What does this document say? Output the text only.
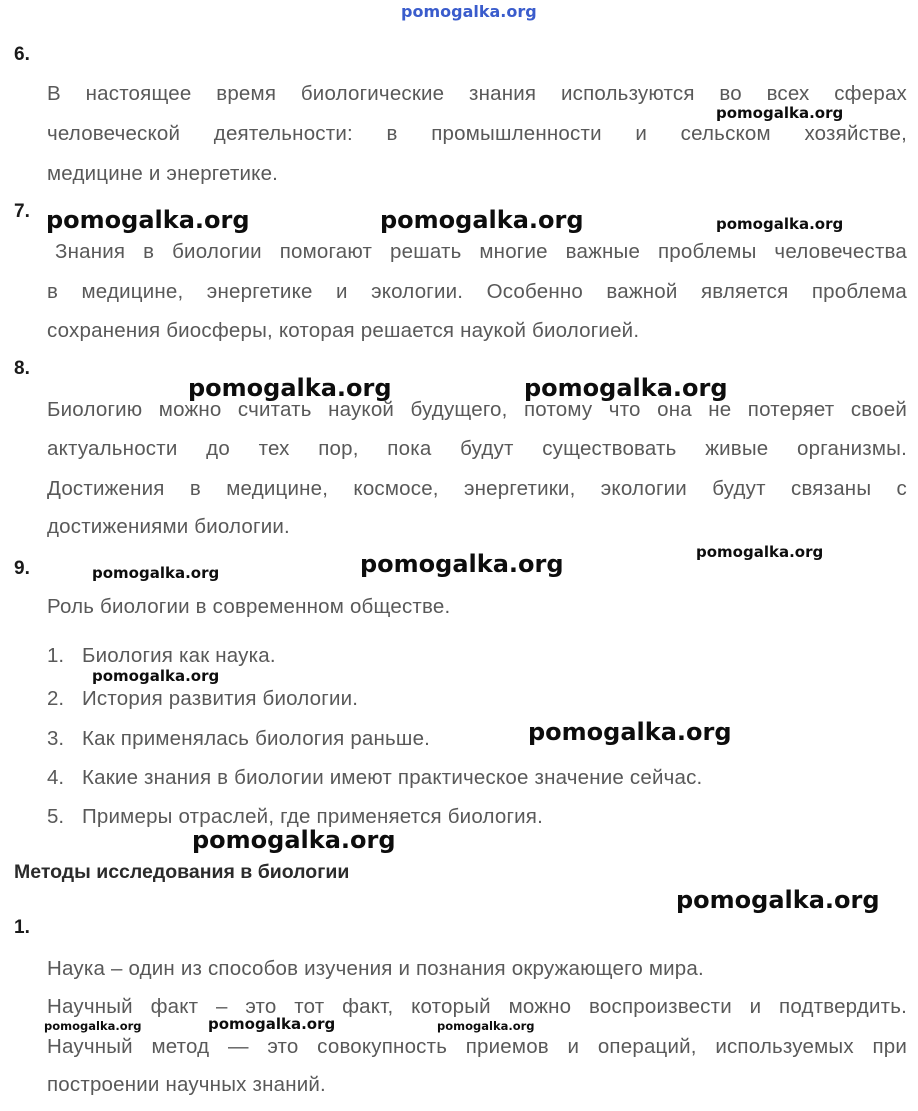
pomogalka.org
6.
В настоящее время биологические знания используются во всех сферах
человеческой деятельности: в промышленности и сельском хозяйстве,
медицине и энергетике.
7.
Знания в биологии помогают решать многие важные проблемы человечества
в медицине, энергетике и экологии. Особенно важной является проблема
сохранения биосферы, которая решается наукой биологией.
8.
Биологию можно считать наукой будущего, потому что она не потеряет своей
актуальности до тех пор, пока будут существовать живые организмы.
Достижения в медицине, космосе, энергетики, экологии будут связаны с
достижениями биологии.
9.
Роль биологии в современном обществе.
1. Биология как наука.
2. История развития биологии.
3. Как применялась биология раньше.
4. Какие знания в биологии имеют практическое значение сейчас.
5. Примеры отраслей, где применяется биология.
Методы исследования в биологии
1.
Наука – один из способов изучения и познания окружающего мира.
Научный факт – это тот факт, который можно воспроизвести и подтвердить.
Научный метод — это совокупность приемов и операций, используемых при
построении научных знаний.
pomogalka.org
pomogalka.org	pomogalka.org	pomogalka.org
pomogalka.org	pomogalka.org
pomogalka.org
pomogalka.org	pomogalka.org
pomogalka.org
pomogalka.org
pomogalka.org
pomogalka.org
pomogalka.org	pomogalka.org	pomogalka.org
